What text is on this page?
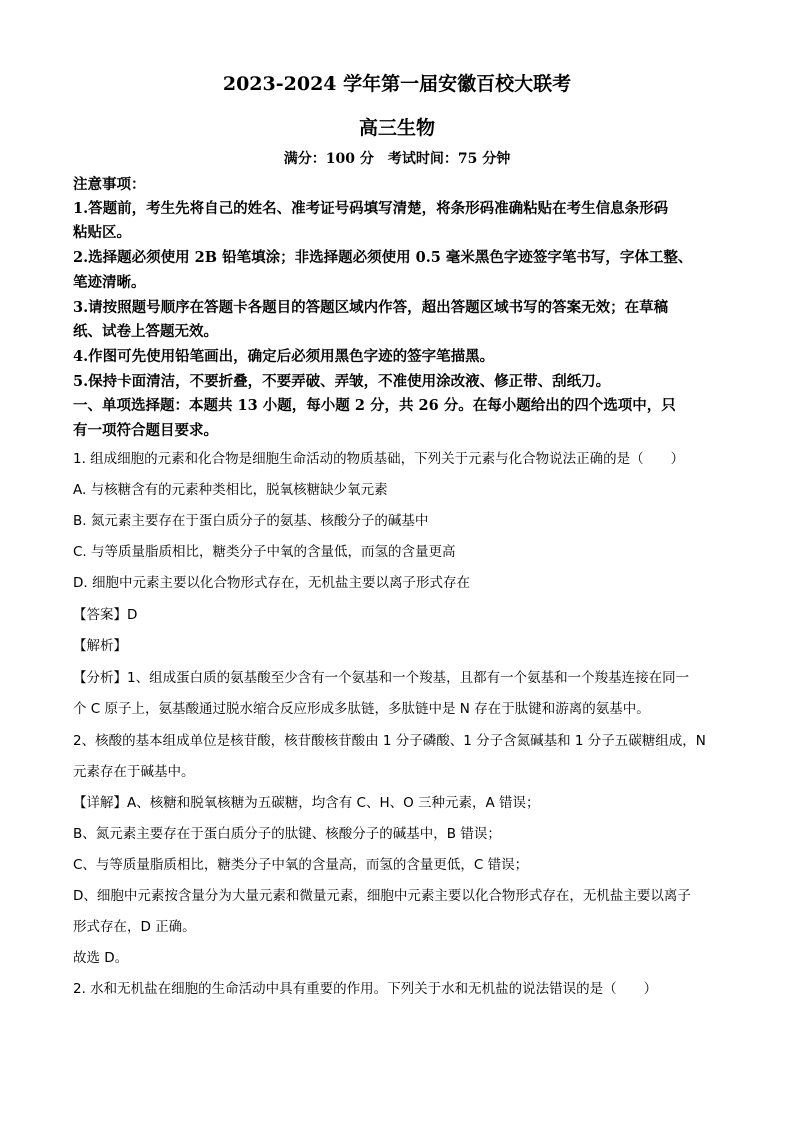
2023-2024 学年第一届安徽百校大联考
高三生物
满分：100 分　考试时间：75 分钟
注意事项：
1.答题前，考生先将自己的姓名、准考证号码填写清楚，将条形码准确粘贴在考生信息条形码
粘贴区。
2.选择题必须使用 2B 铅笔填涂；非选择题必须使用 0.5 毫米黑色字迹签字笔书写，字体工整、
笔迹清晰。
3.请按照题号顺序在答题卡各题目的答题区域内作答，超出答题区域书写的答案无效；在草稿
纸、试卷上答题无效。
4.作图可先使用铅笔画出，确定后必须用黑色字迹的签字笔描黑。
5.保持卡面清洁，不要折叠，不要弄破、弄皱，不准使用涂改液、修正带、刮纸刀。
一、单项选择题：本题共 13 小题，每小题 2 分，共 26 分。在每小题给出的四个选项中，只
有一项符合题目要求。
1. 组成细胞的元素和化合物是细胞生命活动的物质基础，下列关于元素与化合物说法正确的是（　　）
A. 与核糖含有的元素种类相比，脱氧核糖缺少氧元素
B. 氮元素主要存在于蛋白质分子的氨基、核酸分子的碱基中
C. 与等质量脂质相比，糖类分子中氧的含量低，而氢的含量更高
D. 细胞中元素主要以化合物形式存在，无机盐主要以离子形式存在
【答案】D
【解析】
【分析】1、组成蛋白质的氨基酸至少含有一个氨基和一个羧基，且都有一个氨基和一个羧基连接在同一
个 C 原子上，氨基酸通过脱水缩合反应形成多肽链，多肽链中是 N 存在于肽键和游离的氨基中。
2、核酸的基本组成单位是核苷酸，核苷酸核苷酸由 1 分子磷酸、1 分子含氮碱基和 1 分子五碳糖组成，N
元素存在于碱基中。
【详解】A、核糖和脱氧核糖为五碳糖，均含有 C、H、O 三种元素，A 错误；
B、氮元素主要存在于蛋白质分子的肽键、核酸分子的碱基中，B 错误；
C、与等质量脂质相比，糖类分子中氧的含量高，而氢的含量更低，C 错误；
D、细胞中元素按含量分为大量元素和微量元素，细胞中元素主要以化合物形式存在，无机盐主要以离子
形式存在，D 正确。
故选 D。
2. 水和无机盐在细胞的生命活动中具有重要的作用。下列关于水和无机盐的说法错误的是（　　）
